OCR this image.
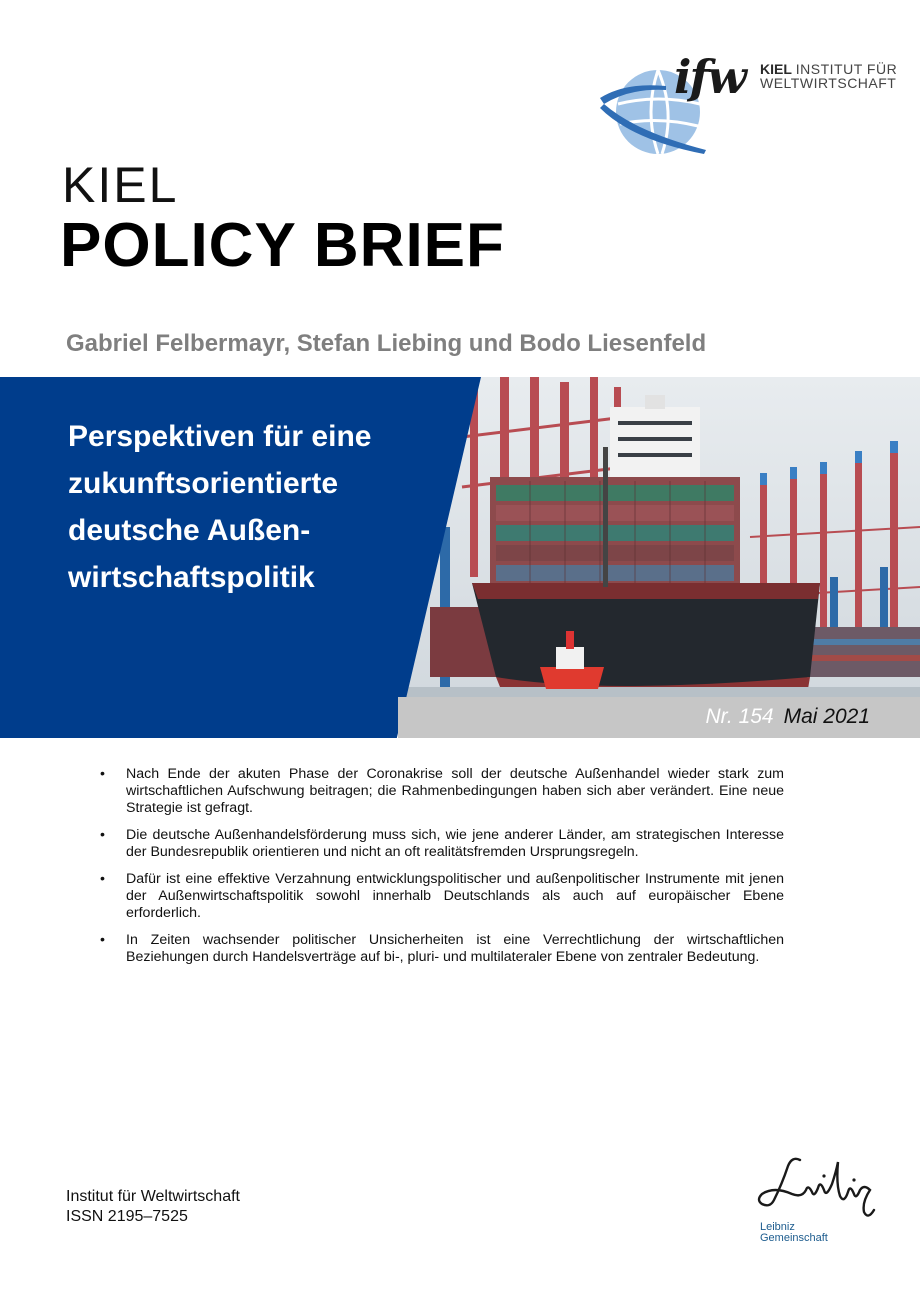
ifw KIEL INSTITUT FÜR
WELTWIRTSCHAFT
KIEL
POLICY BRIEF
Gabriel Felbermayr, Stefan Liebing und Bodo Liesenfeld
Perspektiven für eine
zukunftsorientierte
deutsche Außen-
wirtschaftspolitik
Nr. 154 Mai 2021
• Nach Ende der akuten Phase der Coronakrise soll der deutsche Außenhandel wieder stark zum wirtschaftlichen Aufschwung beitragen; die Rahmenbedingungen haben sich aber verändert. Eine neue Strategie ist gefragt.
• Die deutsche Außenhandelsförderung muss sich, wie jene anderer Länder, am strategischen Interesse der Bundesrepublik orientieren und nicht an oft realitätsfremden Ursprungsregeln.
• Dafür ist eine effektive Verzahnung entwicklungspolitischer und außenpolitischer Instrumente mit jenen der Außenwirtschaftspolitik sowohl innerhalb Deutschlands als auch auf europäischer Ebene erforderlich.
• In Zeiten wachsender politischer Unsicherheiten ist eine Verrechtlichung der wirtschaftlichen Beziehungen durch Handelsverträge auf bi-, pluri- und multilateraler Ebene von zentraler Bedeutung.
Institut für Weltwirtschaft
ISSN 2195–7525
Leibniz
Gemeinschaft
